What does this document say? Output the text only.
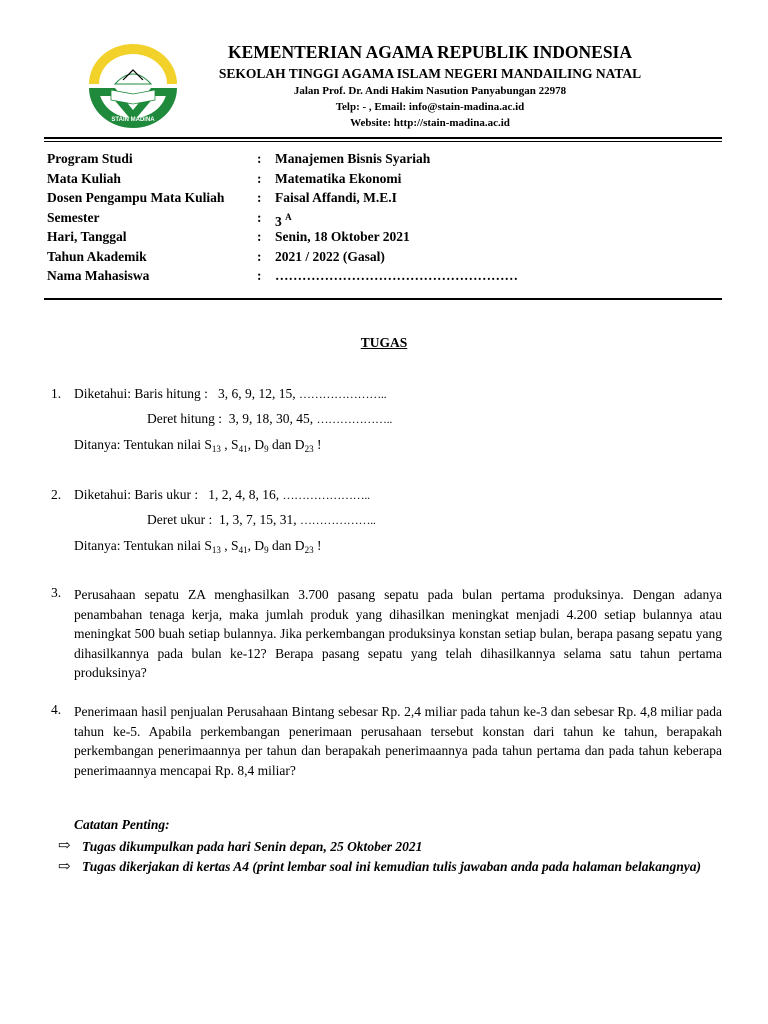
STAIN MADINA
KEMENTERIAN AGAMA REPUBLIK INDONESIA
SEKOLAH TINGGI AGAMA ISLAM NEGERI MANDAILING NATAL
Jalan Prof. Dr. Andi Hakim Nasution Panyabungan 22978
Telp: - , Email: info@stain-madina.ac.id
Website: http://stain-madina.ac.id
Program Studi	: Manajemen Bisnis Syariah
Mata Kuliah	: Matematika Ekonomi
Dosen Pengampu Mata Kuliah : Faisal Affandi, M.E.I
Semester	: 3 $^A$
Hari, Tanggal	: Senin, 18 Oktober 2021
Tahun Akademik	: 2021 / 2022 (Gasal)
Nama Mahasiswa	: ………………………………………………
TUGAS
1. Diketahui: Baris hitung : 3, 6, 9, 12, 15, …………………..
Deret hitung : 3, 9, 18, 30, 45, ………………..
Ditanya: Tentukan nilai $S_{13}$ , $S_{41}$, $D_9$ dan $D_{23}$ !
2. Diketahui: Baris ukur : 1, 2, 4, 8, 16, …………………..
Deret ukur : 1, 3, 7, 15, 31, ………………..
Ditanya: Tentukan nilai $S_{13}$ , $S_{41}$, $D_9$ dan $D_{23}$ !
3. Perusahaan sepatu ZA menghasilkan 3.700 pasang sepatu pada bulan pertama produksinya. Dengan adanya penambahan tenaga kerja, maka jumlah produk yang dihasilkan meningkat menjadi 4.200 setiap bulannya atau meningkat 500 buah setiap bulannya. Jika perkembangan produksinya konstan setiap bulan, berapa pasang sepatu yang dihasilkannya pada bulan ke-12? Berapa pasang sepatu yang telah dihasilkannya selama satu tahun pertama produksinya?
4. Penerimaan hasil penjualan Perusahaan Bintang sebesar Rp. 2,4 miliar pada tahun ke-3 dan sebesar Rp. 4,8 miliar pada tahun ke-5. Apabila perkembangan penerimaan perusahaan tersebut konstan dari tahun ke tahun, berapakah perkembangan penerimaannya per tahun dan berapakah penerimaannya pada tahun pertama dan pada tahun keberapa penerimaannya mencapai Rp. 8,4 miliar?
Catatan Penting:
⇨ Tugas dikumpulkan pada hari Senin depan, 25 Oktober 2021
⇨ Tugas dikerjakan di kertas A4 (print lembar soal ini kemudian tulis jawaban anda pada halaman belakangnya)
